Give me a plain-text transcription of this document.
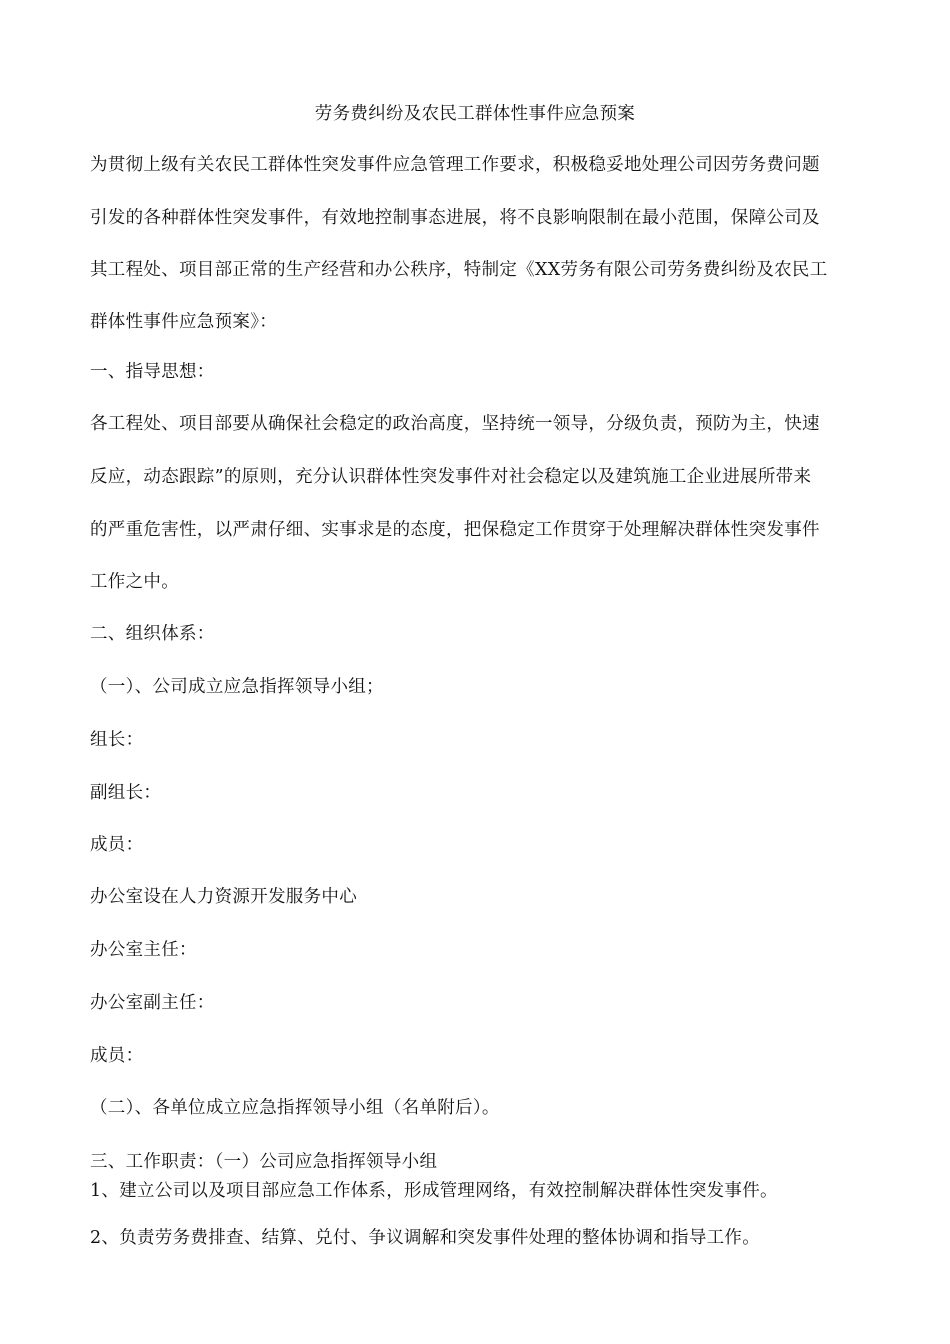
劳务费纠纷及农民工群体性事件应急预案
为贯彻上级有关农民工群体性突发事件应急管理工作要求，积极稳妥地处理公司因劳务费问题
引发的各种群体性突发事件，有效地控制事态进展，将不良影响限制在最小范围，保障公司及
其工程处、项目部正常的生产经营和办公秩序，特制定《XX劳务有限公司劳务费纠纷及农民工
群体性事件应急预案》：
一、指导思想：
各工程处、项目部要从确保社会稳定的政治高度，坚持统一领导，分级负责，预防为主，快速
反应，动态跟踪”的原则，充分认识群体性突发事件对社会稳定以及建筑施工企业进展所带来
的严重危害性，以严肃仔细、实事求是的态度，把保稳定工作贯穿于处理解决群体性突发事件
工作之中。
二、组织体系：
（一）、公司成立应急指挥领导小组；
组长：
副组长：
成员：
办公室设在人力资源开发服务中心
办公室主任：
办公室副主任：
成员：
（二）、各单位成立应急指挥领导小组（名单附后）。
三、工作职责：（一）公司应急指挥领导小组
1、建立公司以及项目部应急工作体系，形成管理网络，有效控制解决群体性突发事件。
2、负责劳务费排查、结算、兑付、争议调解和突发事件处理的整体协调和指导工作。
